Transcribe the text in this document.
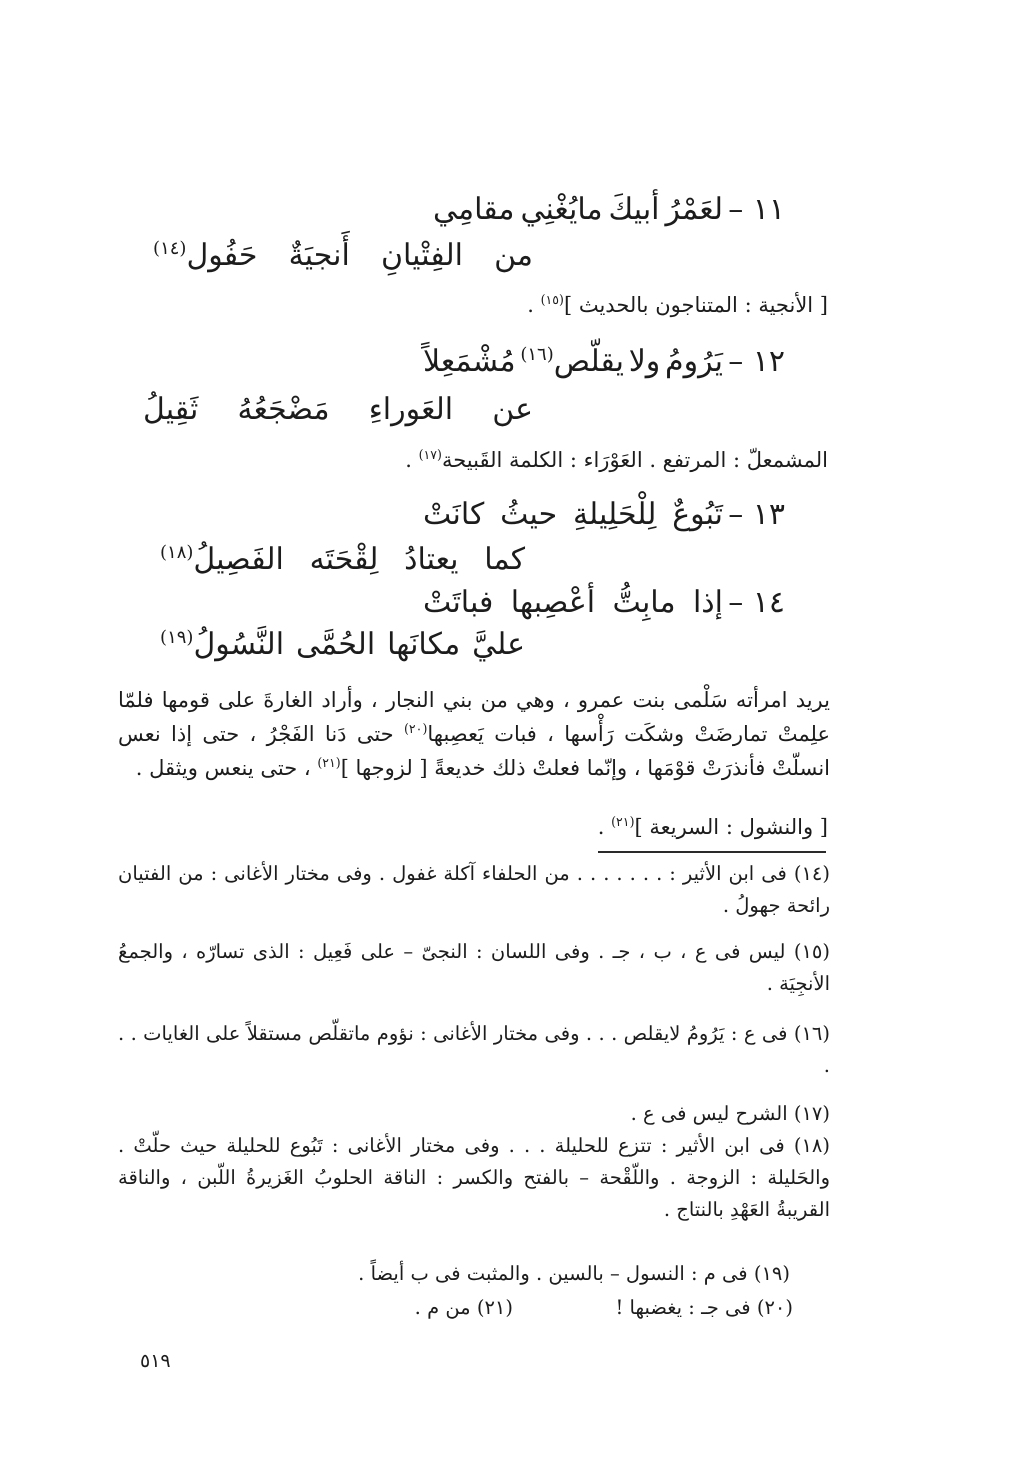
١١ –
لعَمْرُ
أبيكَ
مايُغْنِي
مقامِي
من
الفِتْيانِ
أَنجيَةٌ
حَفُول$^{(١٤)}$
[ الأنجية : المتناجون بالحديث ]$^{(١٥)}$ .
١٢ –
يَرُومُ
ولا
يقلّص$^{(١٦)}$
مُشْمَعِلاً
عن
العَوراءِ
مَضْجَعُهُ
ثَقِيلُ
المشمعلّ : المرتفع . العَوْرَاء : الكلمة القَبيحة$^{(١٧)}$ .
١٣ –
تَبُوعٌ
لِلْحَلِيلةِ
حيثُ
كانَتْ
كما
يعتادُ
لِقْحَتَه
الفَصِيلُ$^{(١٨)}$
١٤ –
إذا
مابِتُّ
أعْصِبها
فباتَتْ
عليَّ
مكانَها
الحُمَّى
النَّسُولُ$^{(١٩)}$
يريد امرأته سَلْمى بنت عمرو ، وهي من بني النجار ، وأراد الغارةَ على قومها فلمّا علِمتْ تمارضَتْ وشكَت رَأْسها ، فبات يَعصِبها$^{(٢٠)}$ حتى دَنا الفَجْرُ ، حتى إذا نعس انسلّتْ فأنذرَتْ قوْمَها ، وإنّما فعلتْ ذلك خديعةً [ لزوجها ]$^{(٢١)}$ ، حتى ينعس ويثقل .
[ والنشول : السريعة ]$^{(٢١)}$ .
(١٤) فى ابن الأثير : . . . . . . . من الحلفاء آكلة غفول . وفى مختار الأغانى : من الفتيان رائحة جهولُ .
(١٥) ليس فى ع ، ب ، جـ . وفى اللسان : النجىّ – على فَعِيل : الذى تسارّه ، والجمعُ الأنجِيَة .
(١٦) فى ع : يَرُومُ لايقلص . . . وفى مختار الأغانى : نؤوم ماتقلّص مستقلاً على الغايات . . .
(١٧) الشرح ليس فى ع .
(١٨) فى ابن الأثير : تتزع للحليلة . . . وفى مختار الأغانى : تَبُوع للحليلة حيث حلّتْ . والحَليلة : الزوجة . واللّقْحة – بالفتح والكسر : الناقة الحلوبُ الغَزيرةُ اللّبن ، والناقة القريبةُ العَهْدِ بالنتاج .
(١٩) فى م : النسول – بالسين . والمثبت فى ب أيضاً .
(٢٠) فى جـ : يغضبها !
(٢١) من م .
٥١٩
